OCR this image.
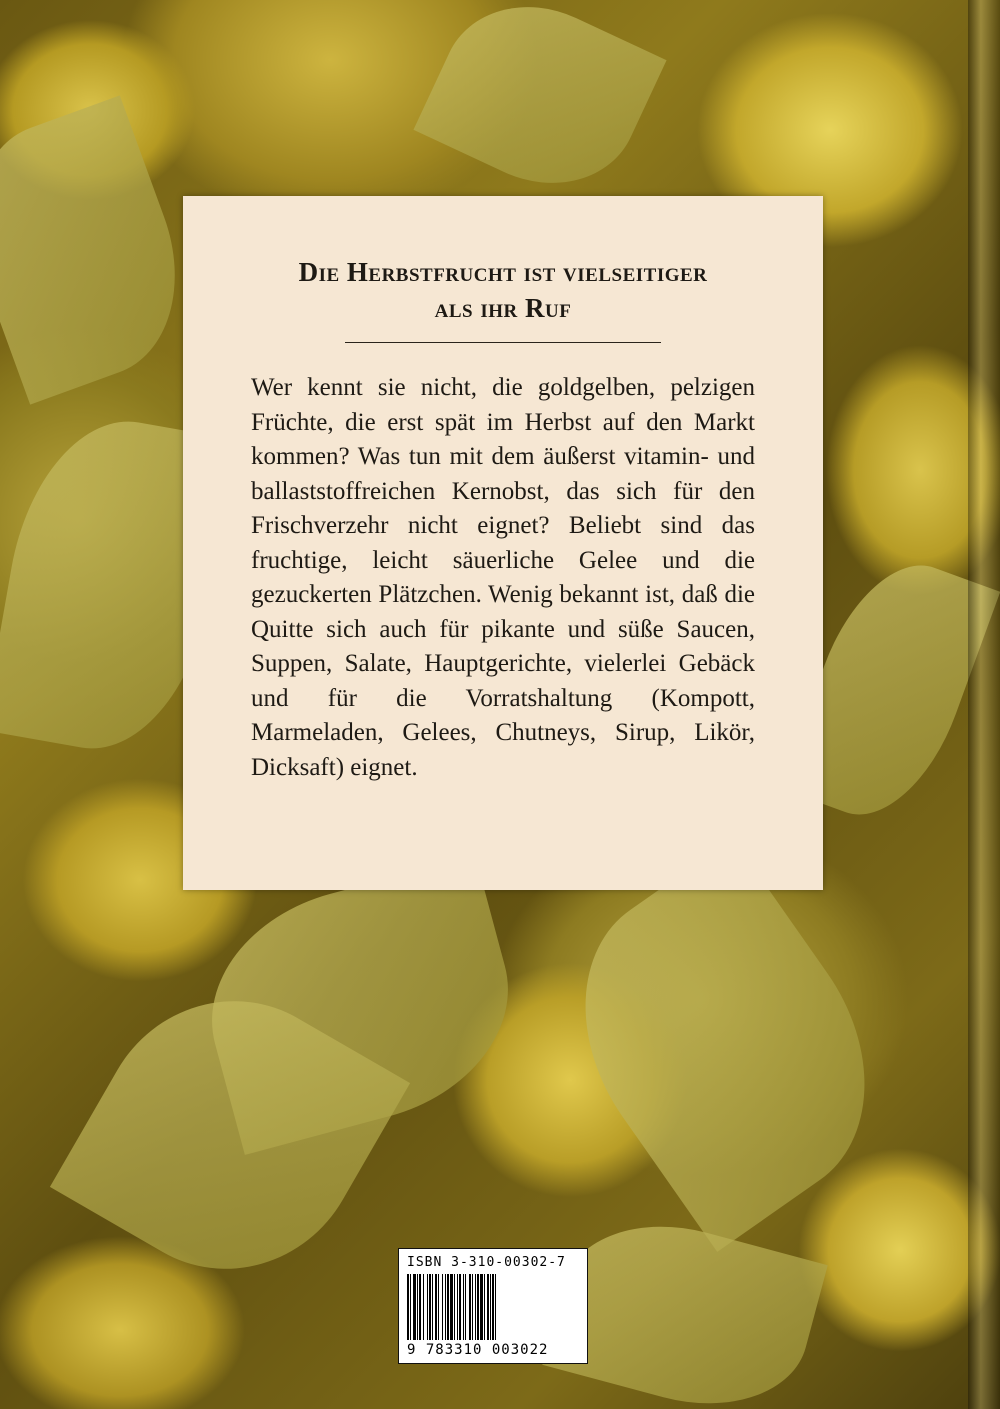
Die Herbstfrucht ist vielseitiger
als ihr Ruf

Wer kennt sie nicht, die goldgelben, pelzigen Früchte, die erst spät im Herbst auf den Markt kommen? Was tun mit dem äußerst vitamin- und ballaststoffreichen Kernobst, das sich für den Frischverzehr nicht eignet? Beliebt sind das fruchtige, leicht säuerliche Gelee und die gezuckerten Plätzchen. Wenig bekannt ist, daß die Quitte sich auch für pikante und süße Saucen, Suppen, Salate, Hauptgerichte, vielerlei Gebäck und für die Vorratshaltung (Kompott, Marmeladen, Gelees, Chutneys, Sirup, Likör, Dicksaft) eignet.

ISBN 3-310-00302-7
9 783310 003022
